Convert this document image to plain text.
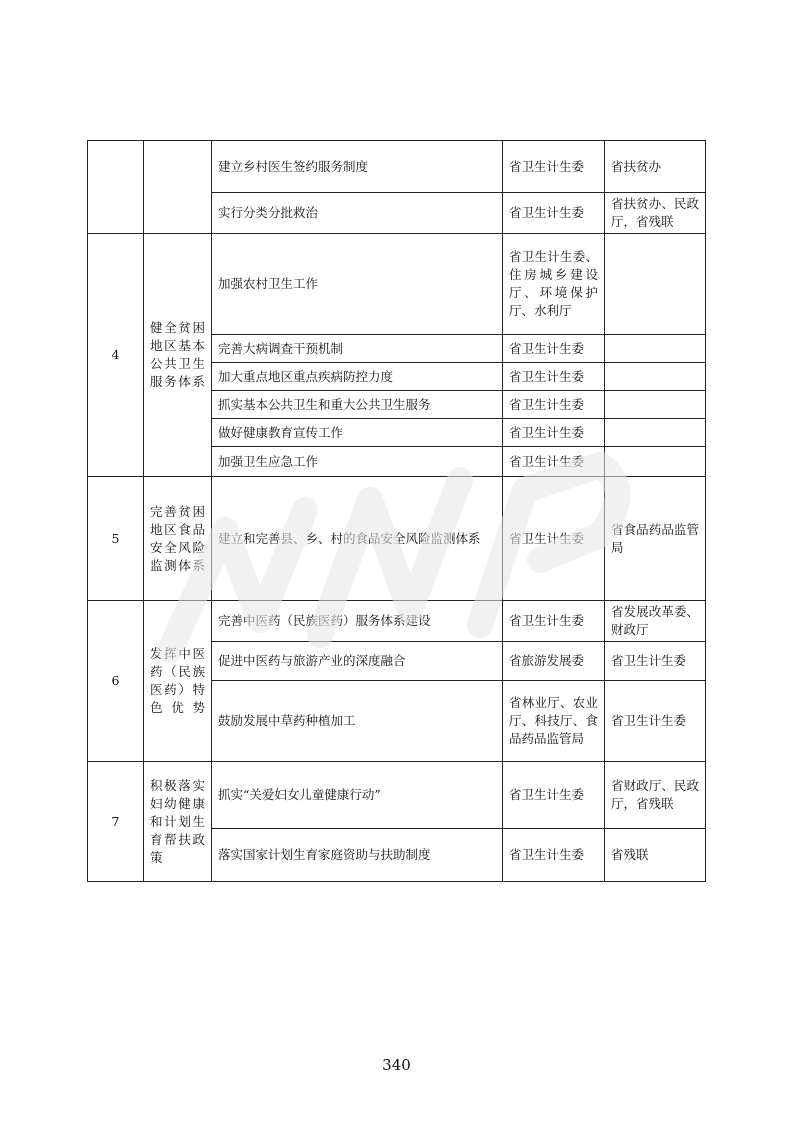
		建立乡村医生签约服务制度	省卫生计生委	省扶贫办
		实行分类分批救治	省卫生计生委	省扶贫办、民政厅，省残联
4	健全贫困地区基本公共卫生服务体系	加强农村卫生工作	省卫生计生委、住房城乡建设厅、环境保护厅、水利厅	
		完善大病调查干预机制	省卫生计生委	
		加大重点地区重点疾病防控力度	省卫生计生委	
		抓实基本公共卫生和重大公共卫生服务	省卫生计生委	
		做好健康教育宣传工作	省卫生计生委	
		加强卫生应急工作	省卫生计生委	
5	完善贫困地区食品安全风险监测体系	建立和完善县、乡、村的食品安全风险监测体系	省卫生计生委	省食品药品监管局
6	发挥中医药（民族医药）特色优势	完善中医药（民族医药）服务体系建设	省卫生计生委	省发展改革委、财政厅
		促进中医药与旅游产业的深度融合	省旅游发展委	省卫生计生委
		鼓励发展中草药种植加工	省林业厅、农业厅、科技厅、食品药品监管局	省卫生计生委
7	积极落实妇幼健康和计划生育帮扶政策	抓实“关爱妇女儿童健康行动”	省卫生计生委	省财政厅、民政厅，省残联
		落实国家计划生育家庭资助与扶助制度	省卫生计生委	省残联
340
